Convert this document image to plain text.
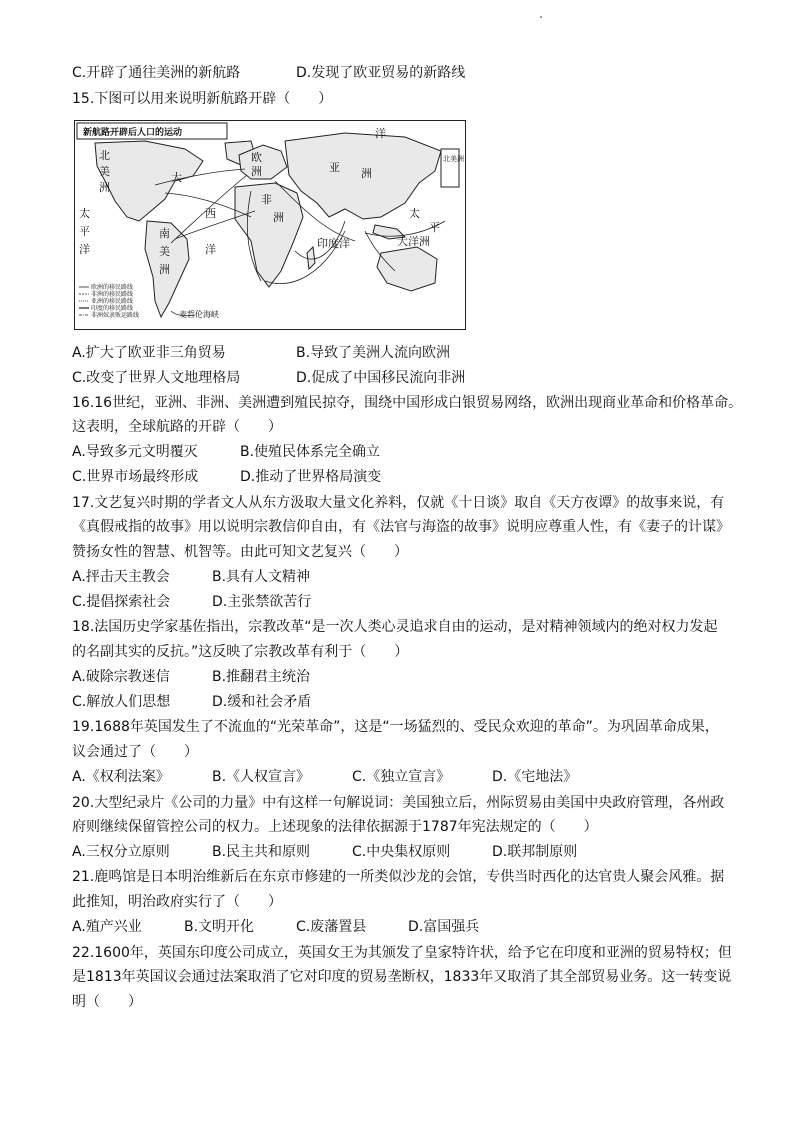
C.开辟了通往美洲的新航路	D.发现了欧亚贸易的新路线
15.下图可以用来说明新航路开辟（　　）
新航路开辟后人口的运动
北
美
洲
大
欧
洲	亚 洲
非
洲
西
南
美
洲
洋
太
洋
平
北美洲
太
平
印度洋	大洋洲
洋
麦哲伦海峡
欧洲的移民路线
非洲的移民路线
亚洲的移民路线
印度的移民路线
非洲奴隶贩运路线
A.扩大了欧亚非三角贸易	B.导致了美洲人流向欧洲
C.改变了世界人文地理格局	D.促成了中国移民流向非洲
16.16世纪，亚洲、非洲、美洲遭到殖民掠夺，围绕中国形成白银贸易网络，欧洲出现商业革命和价格革命。
这表明，全球航路的开辟（　　）
A.导致多元文明覆灭	B.使殖民体系完全确立
C.世界市场最终形成	D.推动了世界格局演变
17.文艺复兴时期的学者文人从东方汲取大量文化养料，仅就《十日谈》取自《天方夜谭》的故事来说，有
《真假戒指的故事》用以说明宗教信仰自由，有《法官与海盗的故事》说明应尊重人性，有《妻子的计谋》
赞扬女性的智慧、机智等。由此可知文艺复兴（　　）
A.抨击天主教会	B.具有人文精神
C.提倡探索社会	D.主张禁欲苦行
18.法国历史学家基佐指出，宗教改革“是一次人类心灵追求自由的运动，是对精神领域内的绝对权力发起
的名副其实的反抗。”这反映了宗教改革有利于（　　）
A.破除宗教迷信	B.推翻君主统治
C.解放人们思想	D.缓和社会矛盾
19.1688年英国发生了不流血的“光荣革命”，这是“一场猛烈的、受民众欢迎的革命”。为巩固革命成果，
议会通过了（　　）
A.《权利法案》	B.《人权宣言》	C.《独立宣言》	D.《宅地法》
20.大型纪录片《公司的力量》中有这样一句解说词：美国独立后，州际贸易由美国中央政府管理，各州政
府则继续保留管控公司的权力。上述现象的法律依据源于1787年宪法规定的（　　）
A.三权分立原则	B.民主共和原则	C.中央集权原则	D.联邦制原则
21.鹿鸣馆是日本明治维新后在东京市修建的一所类似沙龙的会馆，专供当时西化的达官贵人聚会风雅。据
此推知，明治政府实行了（　　）
A.殖产兴业	B.文明开化	C.废藩置县	D.富国强兵
22.1600年，英国东印度公司成立，英国女王为其颁发了皇家特许状，给予它在印度和亚洲的贸易特权；但
是1813年英国议会通过法案取消了它对印度的贸易垄断权，1833年又取消了其全部贸易业务。这一转变说
明（　　）
